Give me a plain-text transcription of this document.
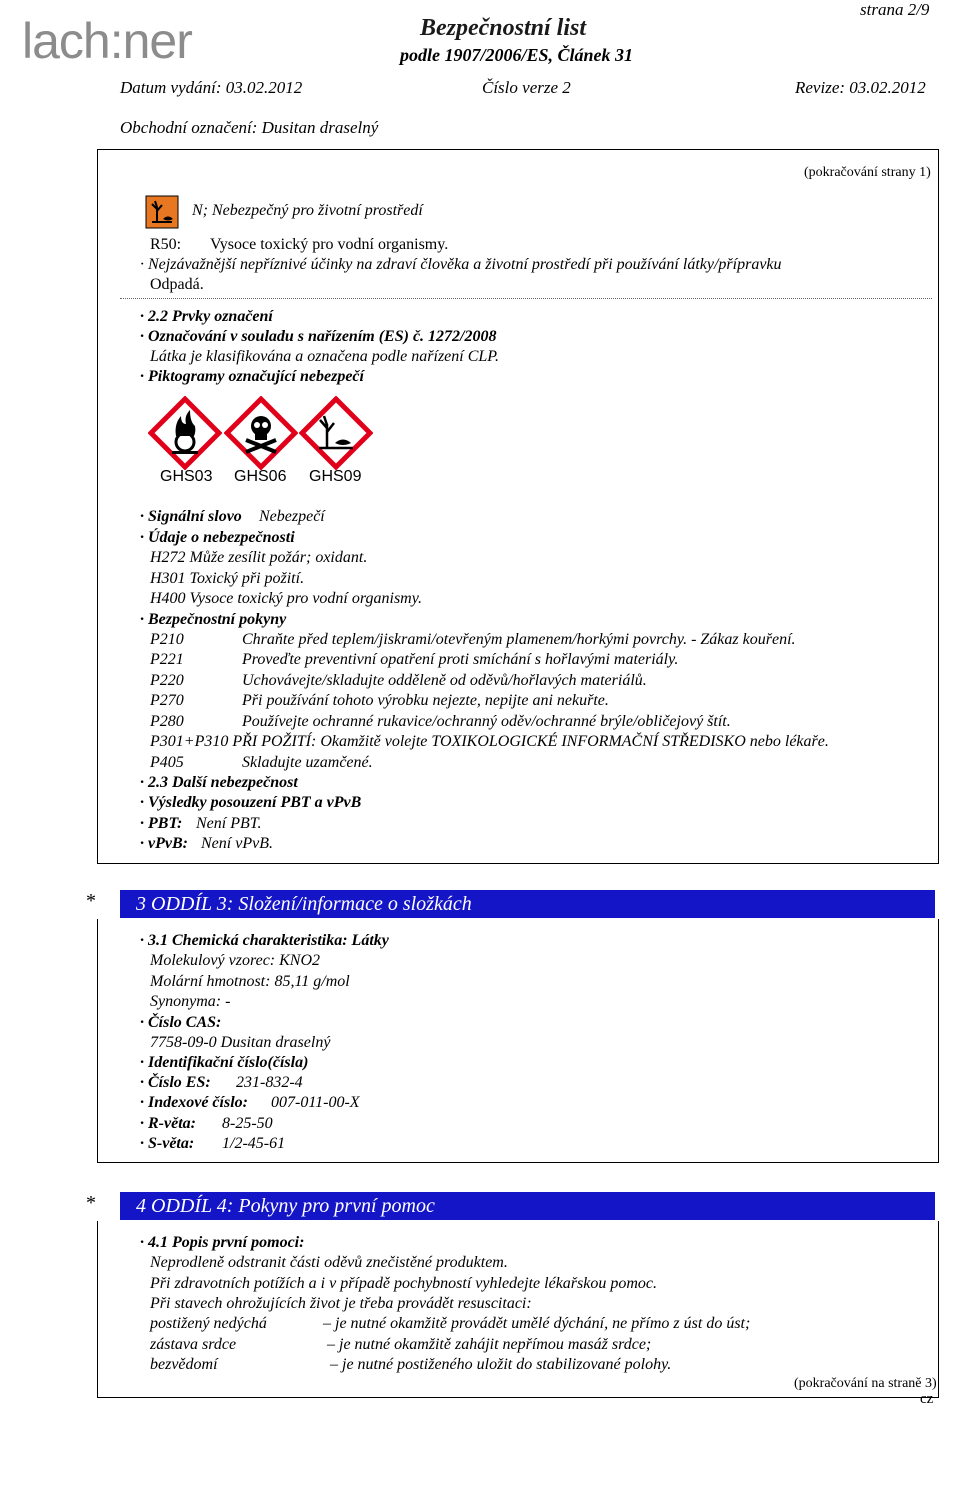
lach:ner	Bezpečnostní list
podle 1907/2006/ES, Článek 31
strana 2/9
Datum vydání: 03.02.2012	Číslo verze 2	Revize: 03.02.2012
Obchodní označení: Dusitan draselný
(pokračování strany 1)
N; Nebezpečný pro životní prostředí
R50: Vysoce toxický pro vodní organismy.
· Nejzávažnější nepříznivé účinky na zdraví člověka a životní prostředí při používání látky/přípravku
Odpadá.
· 2.2 Prvky označení
· Označování v souladu s nařízením (ES) č. 1272/2008
Látka je klasifikována a označena podle nařízení CLP.
· Piktogramy označující nebezpečí
GHS03 GHS06 GHS09
· Signální slovo Nebezpečí
· Údaje o nebezpečnosti
H272 Může zesílit požár; oxidant.
H301 Toxický při požití.
H400 Vysoce toxický pro vodní organismy.
· Bezpečnostní pokyny
P210	Chraňte před teplem/jiskrami/otevřeným plamenem/horkými povrchy. - Zákaz kouření.
P221	Proveďte preventivní opatření proti smíchání s hořlavými materiály.
P220	Uchovávejte/skladujte odděleně od oděvů/hořlavých materiálů.
P270	Při používání tohoto výrobku nejezte, nepijte ani nekuřte.
P280	Používejte ochranné rukavice/ochranný oděv/ochranné brýle/obličejový štít.
P301+P310 PŘI POŽITÍ: Okamžitě volejte TOXIKOLOGICKÉ INFORMAČNÍ STŘEDISKO nebo lékaře.
P405	Skladujte uzamčené.
· 2.3 Další nebezpečnost
· Výsledky posouzení PBT a vPvB
· PBT: Není PBT.
· vPvB: Není vPvB.
*	3 ODDÍL 3: Složení/informace o složkách
· 3.1 Chemická charakteristika: Látky
Molekulový vzorec: KNO2
Molární hmotnost: 85,11 g/mol
Synonyma: -
· Číslo CAS:
7758-09-0 Dusitan draselný
· Identifikační číslo(čísla)
· Číslo ES: 231-832-4
· Indexové číslo: 007-011-00-X
· R-věta: 8-25-50
· S-věta: 1/2-45-61
*	4 ODDÍL 4: Pokyny pro první pomoc
· 4.1 Popis první pomoci:
Neprodleně odstranit části oděvů znečistěné produktem.
Při zdravotních potížích a i v případě pochybností vyhledejte lékařskou pomoc.
Při stavech ohrožujících život je třeba provádět resuscitaci:
postižený nedýchá	– je nutné okamžitě provádět umělé dýchání, ne přímo z úst do úst;
zástava srdce	– je nutné okamžitě zahájit nepřímou masáž srdce;
bezvědomí	– je nutné postiženého uložit do stabilizované polohy.
(pokračování na straně 3)
cz
